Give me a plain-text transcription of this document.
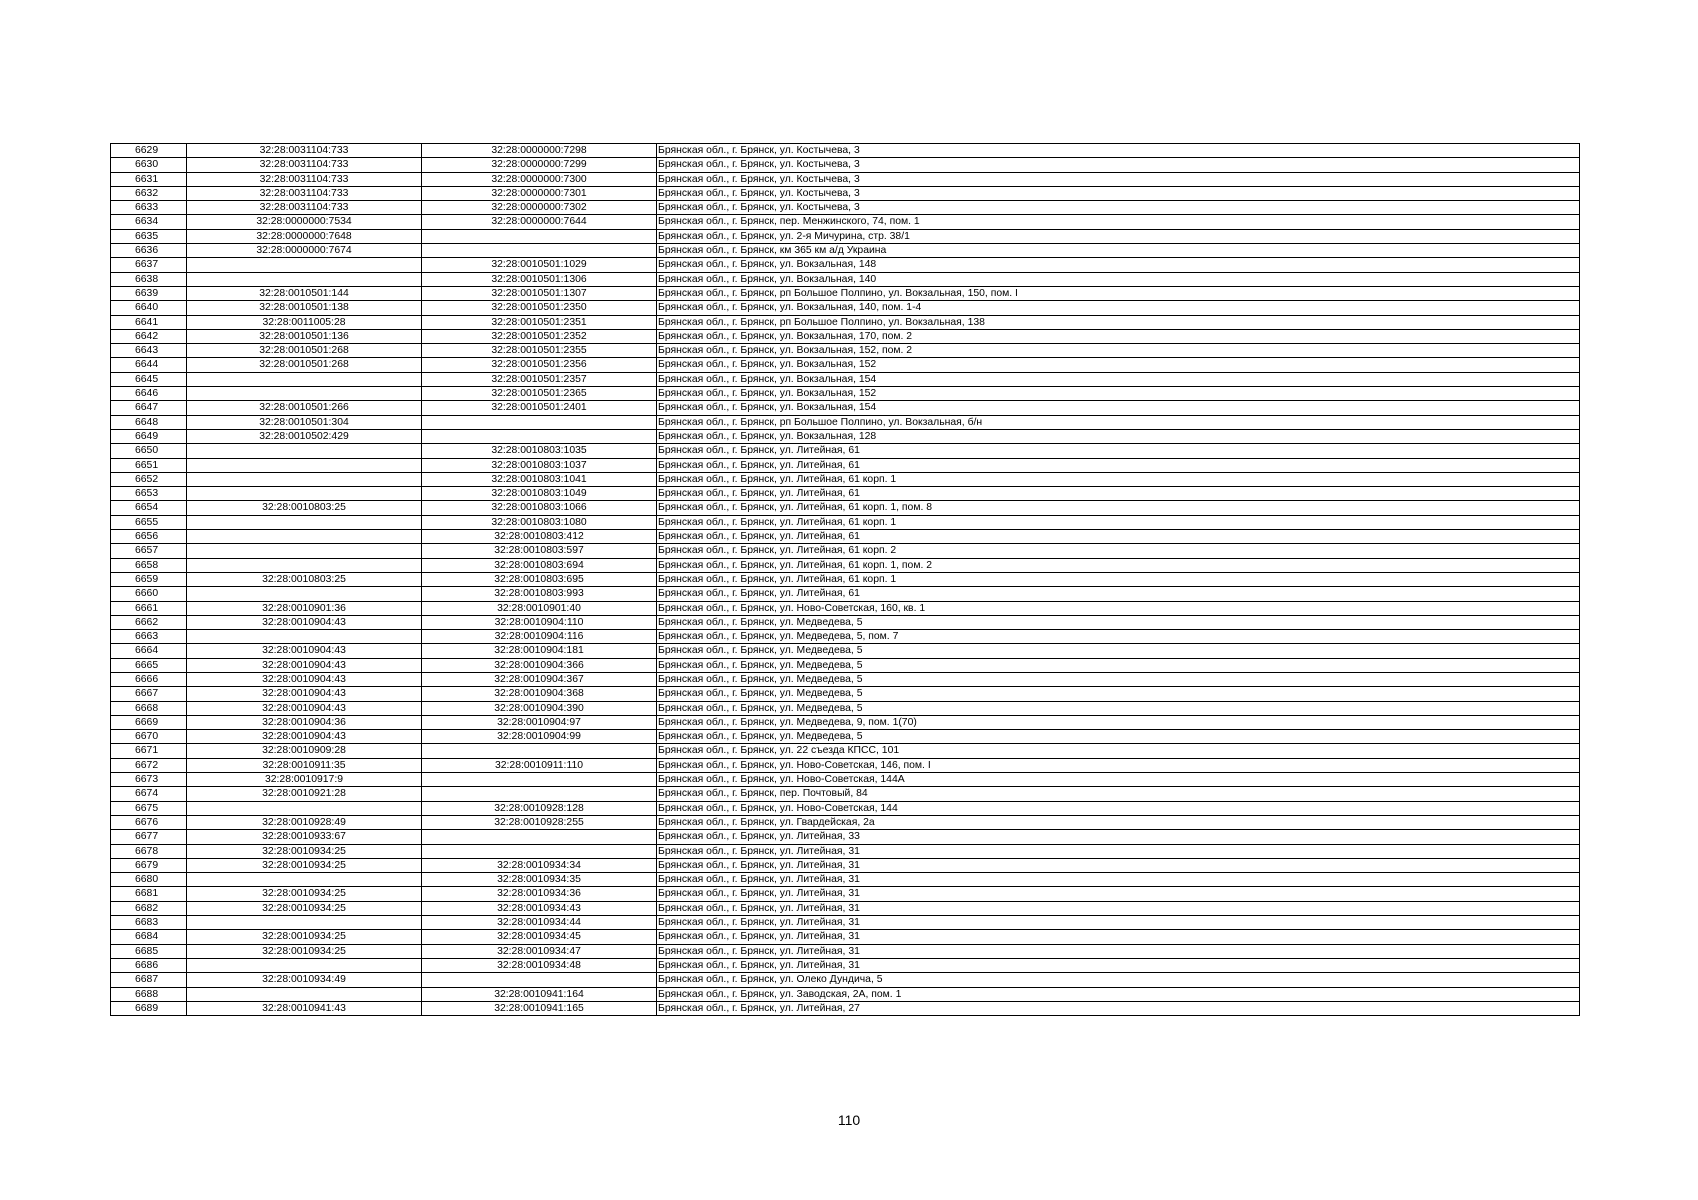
6629	32:28:0031104:733	32:28:0000000:7298	Брянская обл., г. Брянск, ул. Костычева, 3
6630	32:28:0031104:733	32:28:0000000:7299	Брянская обл., г. Брянск, ул. Костычева, 3
6631	32:28:0031104:733	32:28:0000000:7300	Брянская обл., г. Брянск, ул. Костычева, 3
6632	32:28:0031104:733	32:28:0000000:7301	Брянская обл., г. Брянск, ул. Костычева, 3
6633	32:28:0031104:733	32:28:0000000:7302	Брянская обл., г. Брянск, ул. Костычева, 3
6634	32:28:0000000:7534	32:28:0000000:7644	Брянская обл., г. Брянск, пер. Менжинского, 74, пом. 1
6635	32:28:0000000:7648		Брянская обл., г. Брянск, ул. 2-я Мичурина, стр. 38/1
6636	32:28:0000000:7674		Брянская обл., г. Брянск, км 365 км а/д Украина
6637		32:28:0010501:1029	Брянская обл., г. Брянск, ул. Вокзальная, 148
6638		32:28:0010501:1306	Брянская обл., г. Брянск, ул. Вокзальная, 140
6639	32:28:0010501:144	32:28:0010501:1307	Брянская обл., г. Брянск, рп Большое Полпино, ул. Вокзальная, 150, пом. I
6640	32:28:0010501:138	32:28:0010501:2350	Брянская обл., г. Брянск, ул. Вокзальная, 140, пом. 1-4
6641	32:28:0011005:28	32:28:0010501:2351	Брянская обл., г. Брянск, рп Большое Полпино, ул. Вокзальная, 138
6642	32:28:0010501:136	32:28:0010501:2352	Брянская обл., г. Брянск, ул. Вокзальная, 170, пом. 2
6643	32:28:0010501:268	32:28:0010501:2355	Брянская обл., г. Брянск, ул. Вокзальная, 152, пом. 2
6644	32:28:0010501:268	32:28:0010501:2356	Брянская обл., г. Брянск, ул. Вокзальная, 152
6645		32:28:0010501:2357	Брянская обл., г. Брянск, ул. Вокзальная, 154
6646		32:28:0010501:2365	Брянская обл., г. Брянск, ул. Вокзальная, 152
6647	32:28:0010501:266	32:28:0010501:2401	Брянская обл., г. Брянск, ул. Вокзальная, 154
6648	32:28:0010501:304		Брянская обл., г. Брянск, рп Большое Полпино, ул. Вокзальная, б/н
6649	32:28:0010502:429		Брянская обл., г. Брянск, ул. Вокзальная, 128
6650		32:28:0010803:1035	Брянская обл., г. Брянск, ул. Литейная, 61
6651		32:28:0010803:1037	Брянская обл., г. Брянск, ул. Литейная, 61
6652		32:28:0010803:1041	Брянская обл., г. Брянск, ул. Литейная, 61 корп. 1
6653		32:28:0010803:1049	Брянская обл., г. Брянск, ул. Литейная, 61
6654	32:28:0010803:25	32:28:0010803:1066	Брянская обл., г. Брянск, ул. Литейная, 61 корп. 1, пом. 8
6655		32:28:0010803:1080	Брянская обл., г. Брянск, ул. Литейная, 61 корп. 1
6656		32:28:0010803:412	Брянская обл., г. Брянск, ул. Литейная, 61
6657		32:28:0010803:597	Брянская обл., г. Брянск, ул. Литейная, 61 корп. 2
6658		32:28:0010803:694	Брянская обл., г. Брянск, ул. Литейная, 61 корп. 1, пом. 2
6659	32:28:0010803:25	32:28:0010803:695	Брянская обл., г. Брянск, ул. Литейная, 61 корп. 1
6660		32:28:0010803:993	Брянская обл., г. Брянск, ул. Литейная, 61
6661	32:28:0010901:36	32:28:0010901:40	Брянская обл., г. Брянск, ул. Ново-Советская, 160, кв. 1
6662	32:28:0010904:43	32:28:0010904:110	Брянская обл., г. Брянск, ул. Медведева, 5
6663		32:28:0010904:116	Брянская обл., г. Брянск, ул. Медведева, 5, пом. 7
6664	32:28:0010904:43	32:28:0010904:181	Брянская обл., г. Брянск, ул. Медведева, 5
6665	32:28:0010904:43	32:28:0010904:366	Брянская обл., г. Брянск, ул. Медведева, 5
6666	32:28:0010904:43	32:28:0010904:367	Брянская обл., г. Брянск, ул. Медведева, 5
6667	32:28:0010904:43	32:28:0010904:368	Брянская обл., г. Брянск, ул. Медведева, 5
6668	32:28:0010904:43	32:28:0010904:390	Брянская обл., г. Брянск, ул. Медведева, 5
6669	32:28:0010904:36	32:28:0010904:97	Брянская обл., г. Брянск, ул. Медведева, 9, пом. 1(70)
6670	32:28:0010904:43	32:28:0010904:99	Брянская обл., г. Брянск, ул. Медведева, 5
6671	32:28:0010909:28		Брянская обл., г. Брянск, ул. 22 съезда КПСС, 101
6672	32:28:0010911:35	32:28:0010911:110	Брянская обл., г. Брянск, ул. Ново-Советская, 146, пом. I
6673	32:28:0010917:9		Брянская обл., г. Брянск, ул. Ново-Советская, 144А
6674	32:28:0010921:28		Брянская обл., г. Брянск, пер. Почтовый, 84
6675		32:28:0010928:128	Брянская обл., г. Брянск, ул. Ново-Советская, 144
6676	32:28:0010928:49	32:28:0010928:255	Брянская обл., г. Брянск, ул. Гвардейская, 2а
6677	32:28:0010933:67		Брянская обл., г. Брянск, ул. Литейная, 33
6678	32:28:0010934:25		Брянская обл., г. Брянск, ул. Литейная, 31
6679	32:28:0010934:25	32:28:0010934:34	Брянская обл., г. Брянск, ул. Литейная, 31
6680		32:28:0010934:35	Брянская обл., г. Брянск, ул. Литейная, 31
6681	32:28:0010934:25	32:28:0010934:36	Брянская обл., г. Брянск, ул. Литейная, 31
6682	32:28:0010934:25	32:28:0010934:43	Брянская обл., г. Брянск, ул. Литейная, 31
6683		32:28:0010934:44	Брянская обл., г. Брянск, ул. Литейная, 31
6684	32:28:0010934:25	32:28:0010934:45	Брянская обл., г. Брянск, ул. Литейная, 31
6685	32:28:0010934:25	32:28:0010934:47	Брянская обл., г. Брянск, ул. Литейная, 31
6686		32:28:0010934:48	Брянская обл., г. Брянск, ул. Литейная, 31
6687	32:28:0010934:49		Брянская обл., г. Брянск, ул. Олеко Дундича, 5
6688		32:28:0010941:164	Брянская обл., г. Брянск, ул. Заводская, 2А, пом. 1
6689	32:28:0010941:43	32:28:0010941:165	Брянская обл., г. Брянск, ул. Литейная, 27
110
